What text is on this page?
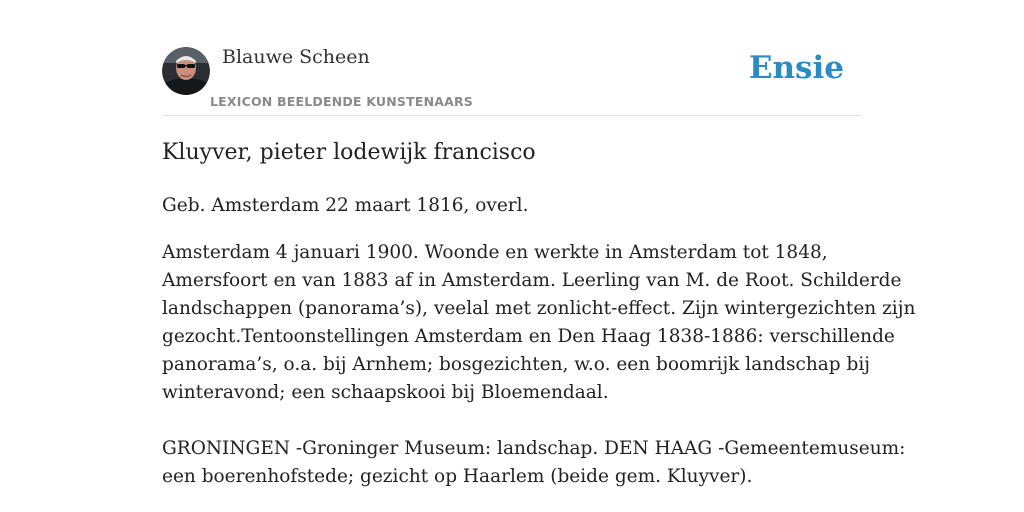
Blauwe Scheen
LEXICON BEELDENDE KUNSTENAARS
Ensie
Kluyver, pieter lodewijk francisco

Geb. Amsterdam 22 maart 1816, overl.

Amsterdam 4 januari 1900. Woonde en werkte in Amsterdam tot 1848,
Amersfoort en van 1883 af in Amsterdam. Leerling van M. de Root. Schilderde
landschappen (panorama’s), veelal met zonlicht-effect. Zijn wintergezichten zijn
gezocht.Tentoonstellingen Amsterdam en Den Haag 1838-1886: verschillende
panorama’s, o.a. bij Arnhem; bosgezichten, w.o. een boomrijk landschap bij
winteravond; een schaapskooi bij Bloemendaal.

GRONINGEN -Groninger Museum: landschap. DEN HAAG -Gemeentemuseum:
een boerenhofstede; gezicht op Haarlem (beide gem. Kluyver).
